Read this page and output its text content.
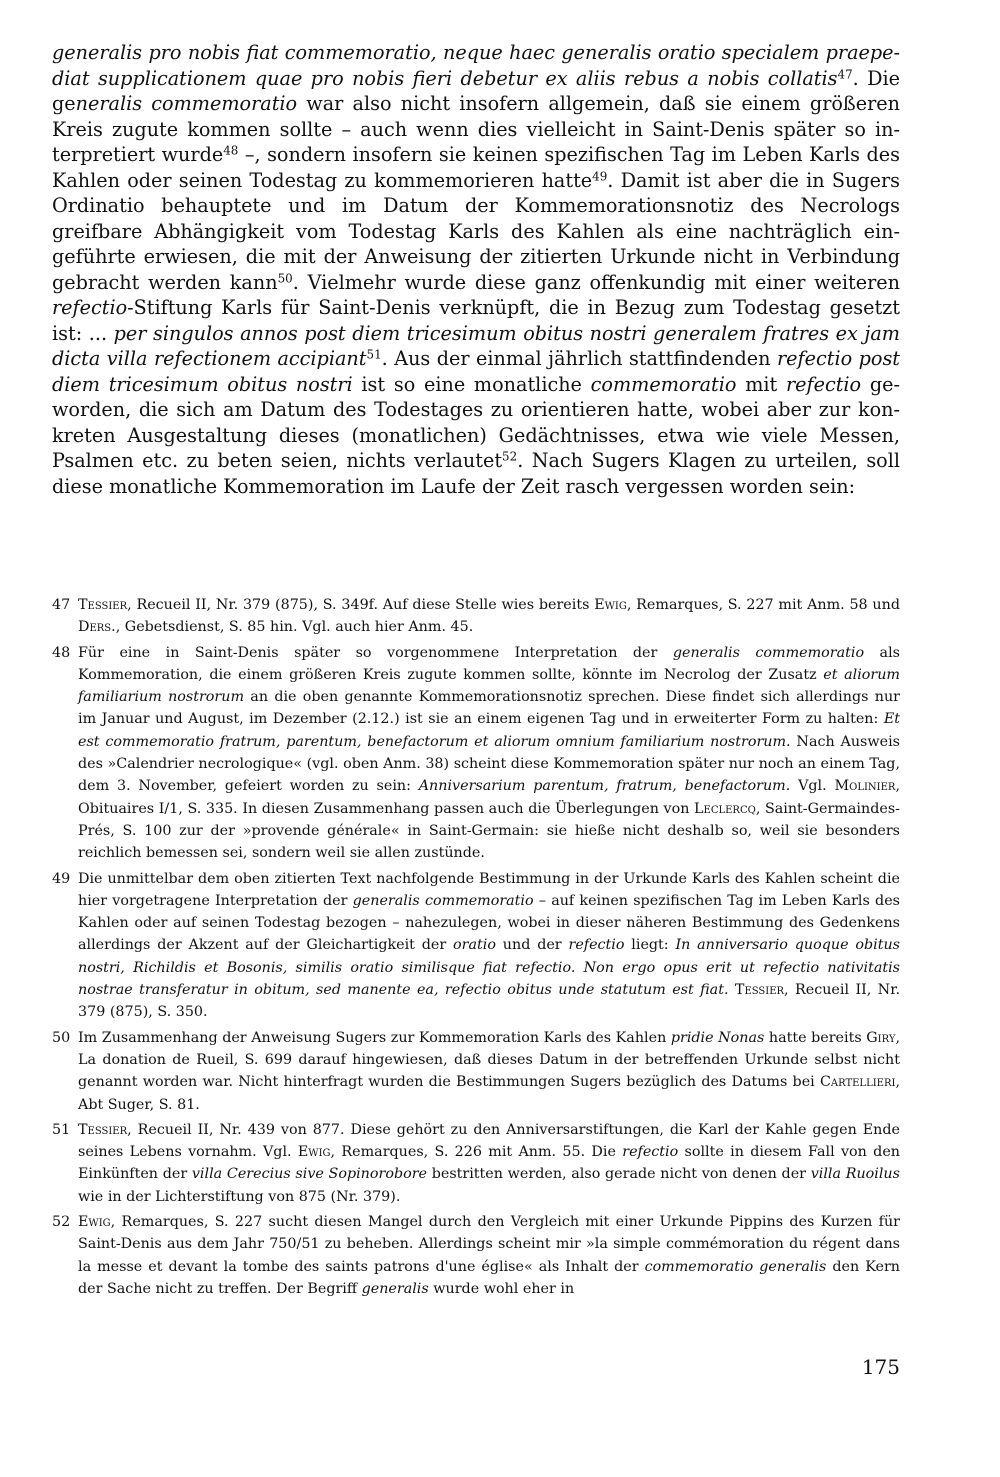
generalis pro nobis fiat commemoratio, neque haec generalis oratio specialem praepediat supplicationem quae pro nobis fieri debetur ex aliis rebus a nobis collatis$^{47}$. Die generalis commemoratio war also nicht insofern allgemein, daß sie einem größeren Kreis zugute kommen sollte – auch wenn dies vielleicht in Saint-Denis später so interpretiert wurde$^{48}$ –, sondern insofern sie keinen spezifischen Tag im Leben Karls des Kahlen oder seinen Todestag zu kommemorieren hatte$^{49}$. Damit ist aber die in Sugers Ordinatio behauptete und im Datum der Kommemorationsnotiz des Necrologs greifbare Abhängigkeit vom Todestag Karls des Kahlen als eine nachträglich eingeführte erwiesen, die mit der Anweisung der zitierten Urkunde nicht in Verbindung gebracht werden kann$^{50}$. Vielmehr wurde diese ganz offenkundig mit einer weiteren refectio-Stiftung Karls für Saint-Denis verknüpft, die in Bezug zum Todestag gesetzt ist: ... per singulos annos post diem tricesimum obitus nostri generalem fratres ex jam dicta villa refectionem accipiant$^{51}$. Aus der einmal jährlich stattfindenden refectio post diem tricesimum obitus nostri ist so eine monatliche commemoratio mit refectio geworden, die sich am Datum des Todestages zu orientieren hatte, wobei aber zur konkreten Ausgestaltung dieses (monatlichen) Gedächtnisses, etwa wie viele Messen, Psalmen etc. zu beten seien, nichts verlautet$^{52}$. Nach Sugers Klagen zu urteilen, soll diese monatliche Kommemoration im Laufe der Zeit rasch vergessen worden sein:

47 Tessier, Recueil II, Nr. 379 (875), S. 349f. Auf diese Stelle wies bereits Ewig, Remarques, S. 227 mit Anm. 58 und Ders., Gebetsdienst, S. 85 hin. Vgl. auch hier Anm. 45.

48 Für eine in Saint-Denis später so vorgenommene Interpretation der generalis commemoratio als Kommemoration, die einem größeren Kreis zugute kommen sollte, könnte im Necrolog der Zusatz et aliorum familiarium nostrorum an die oben genannte Kommemorationsnotiz sprechen. Diese findet sich allerdings nur im Januar und August, im Dezember (2.12.) ist sie an einem eigenen Tag und in erweiterter Form zu halten: Et est commemoratio fratrum, parentum, benefactorum et aliorum omnium familiarium nostrorum. Nach Ausweis des »Calendrier necrologique« (vgl. oben Anm. 38) scheint diese Kommemoration später nur noch an einem Tag, dem 3. November, gefeiert worden zu sein: Anniversarium parentum, fratrum, benefactorum. Vgl. Molinier, Obituaires I/1, S. 335. In diesen Zusammenhang passen auch die Überlegungen von Leclercq, Saint-Germaindes-Prés, S. 100 zur der »provende générale« in Saint-Germain: sie hieße nicht deshalb so, weil sie besonders reichlich bemessen sei, sondern weil sie allen zustünde.

49 Die unmittelbar dem oben zitierten Text nachfolgende Bestimmung in der Urkunde Karls des Kahlen scheint die hier vorgetragene Interpretation der generalis commemoratio – auf keinen spezifischen Tag im Leben Karls des Kahlen oder auf seinen Todestag bezogen – nahezulegen, wobei in dieser näheren Bestimmung des Gedenkens allerdings der Akzent auf der Gleichartigkeit der oratio und der refectio liegt: In anniversario quoque obitus nostri, Richildis et Bosonis, similis oratio similisque fiat refectio. Non ergo opus erit ut refectio nativitatis nostrae transferatur in obitum, sed manente ea, refectio obitus unde statutum est fiat. Tessier, Recueil II, Nr. 379 (875), S. 350.

50 Im Zusammenhang der Anweisung Sugers zur Kommemoration Karls des Kahlen pridie Nonas hatte bereits Giry, La donation de Rueil, S. 699 darauf hingewiesen, daß dieses Datum in der betreffenden Urkunde selbst nicht genannt worden war. Nicht hinterfragt wurden die Bestimmungen Sugers bezüglich des Datums bei Cartellieri, Abt Suger, S. 81.

51 Tessier, Recueil II, Nr. 439 von 877. Diese gehört zu den Anniversarstiftungen, die Karl der Kahle gegen Ende seines Lebens vornahm. Vgl. Ewig, Remarques, S. 226 mit Anm. 55. Die refectio sollte in diesem Fall von den Einkünften der villa Cerecius sive Sopinorobore bestritten werden, also gerade nicht von denen der villa Ruoilus wie in der Lichterstiftung von 875 (Nr. 379).

52 Ewig, Remarques, S. 227 sucht diesen Mangel durch den Vergleich mit einer Urkunde Pippins des Kurzen für Saint-Denis aus dem Jahr 750/51 zu beheben. Allerdings scheint mir »la simple commémoration du régent dans la messe et devant la tombe des saints patrons d'une église« als Inhalt der commemoratio generalis den Kern der Sache nicht zu treffen. Der Begriff generalis wurde wohl eher in

175
